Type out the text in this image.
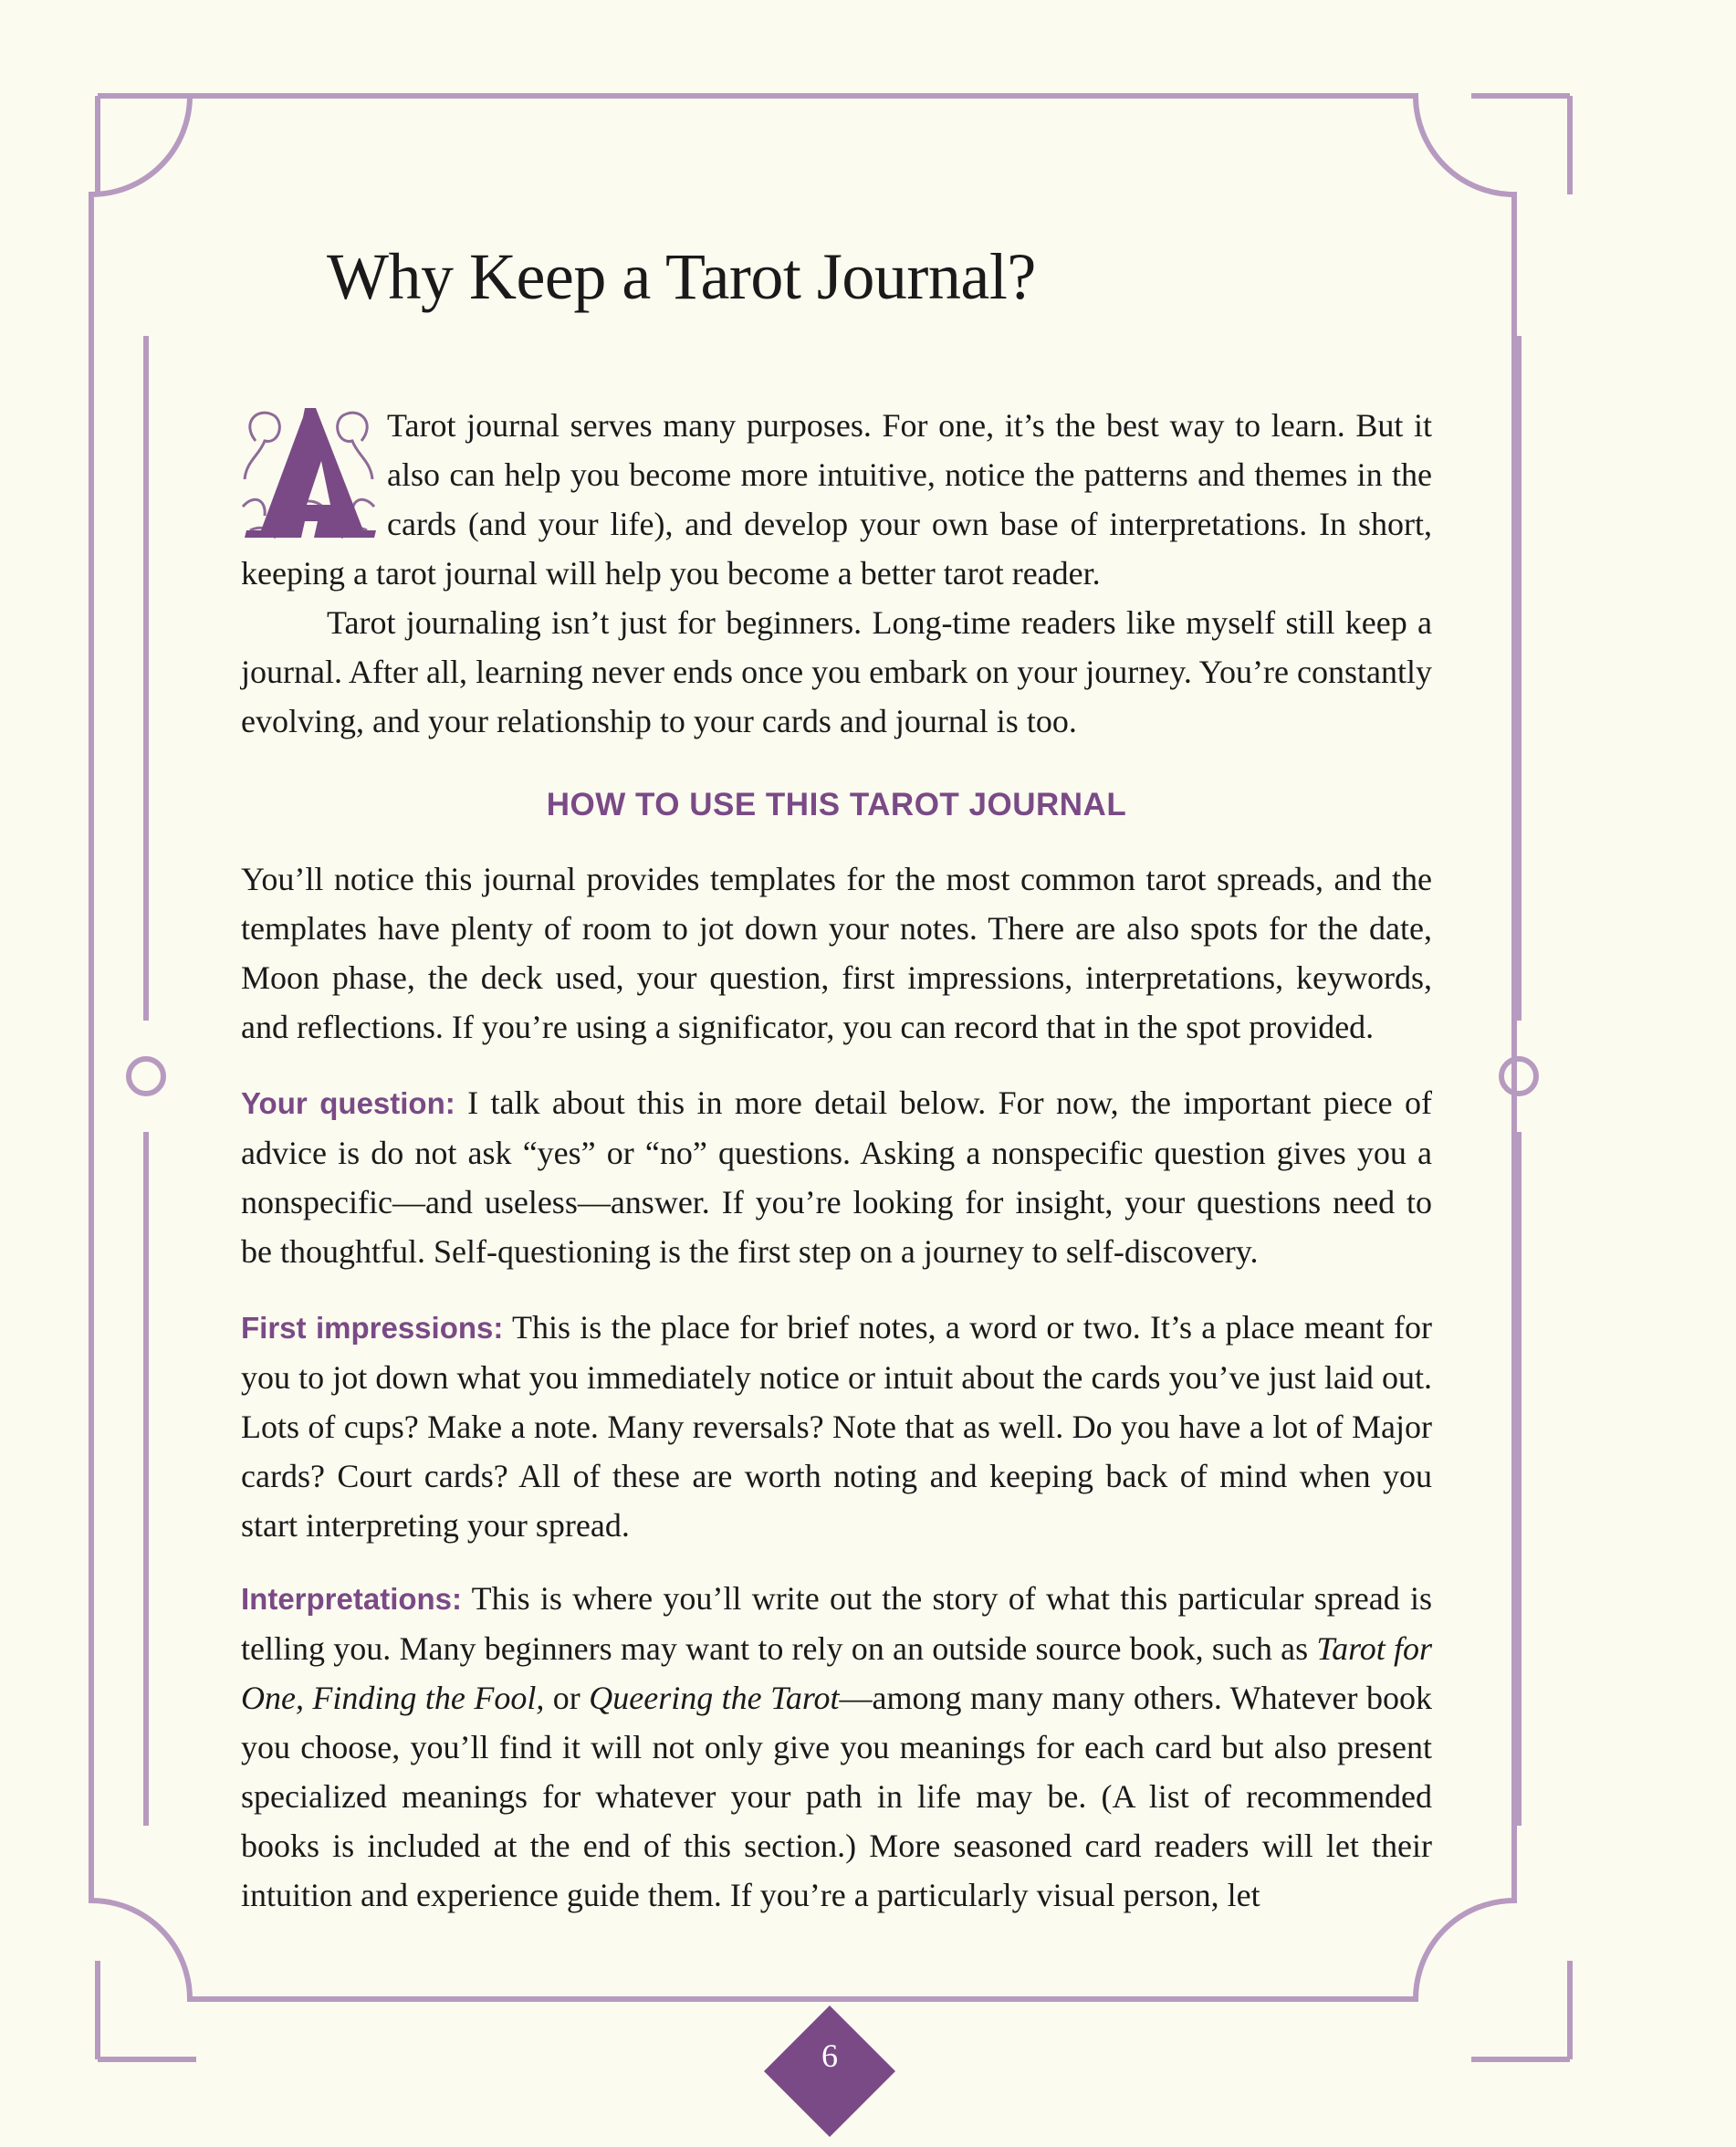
Why Keep a Tarot Journal?

Tarot journal serves many purposes. For one, it’s the best way to learn. But it also can help you become more intuitive, notice the patterns and themes in the cards (and your life), and develop your own base of interpretations. In short, keeping a tarot journal will help you become a better tarot reader.

Tarot journaling isn’t just for beginners. Long-time readers like myself still keep a journal. After all, learning never ends once you embark on your journey. You’re constantly evolving, and your relationship to your cards and journal is too.

HOW TO USE THIS TAROT JOURNAL

You’ll notice this journal provides templates for the most common tarot spreads, and the templates have plenty of room to jot down your notes. There are also spots for the date, Moon phase, the deck used, your question, first impressions, interpretations, keywords, and reflections. If you’re using a significator, you can record that in the spot provided.

Your question: I talk about this in more detail below. For now, the important piece of advice is do not ask “yes” or “no” questions. Asking a nonspecific question gives you a nonspecific—and useless—answer. If you’re looking for insight, your questions need to be thoughtful. Self-questioning is the first step on a journey to self-discovery.

First impressions: This is the place for brief notes, a word or two. It’s a place meant for you to jot down what you immediately notice or intuit about the cards you’ve just laid out. Lots of cups? Make a note. Many reversals? Note that as well. Do you have a lot of Major cards? Court cards? All of these are worth noting and keeping back of mind when you start interpreting your spread.

Interpretations: This is where you’ll write out the story of what this particular spread is telling you. Many beginners may want to rely on an outside source book, such as Tarot for One, Finding the Fool, or Queering the Tarot—among many many others. Whatever book you choose, you’ll find it will not only give you meanings for each card but also present specialized meanings for whatever your path in life may be. (A list of recommended books is included at the end of this section.) More seasoned card readers will let their intuition and experience guide them. If you’re a particularly visual person, let

6
